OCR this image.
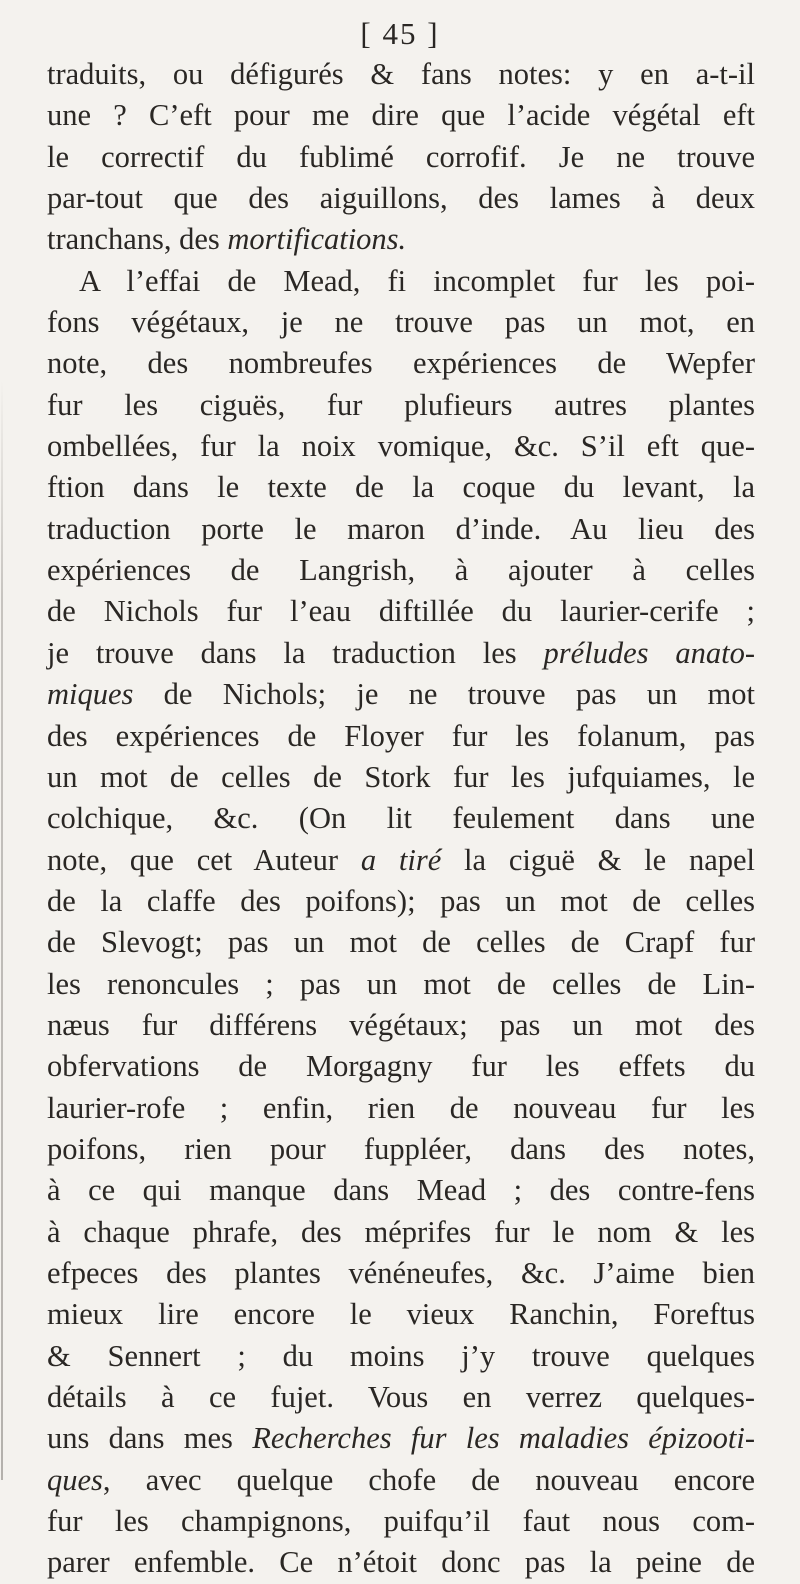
[ 45 ]
traduits, ou défigurés & fans notes: y en a-t-il
une ? C’eft pour me dire que l’acide végétal eft
le correctif du fublimé corrofif. Je ne trouve
par-tout que des aiguillons, des lames à deux
tranchans, des mortifications.
A l’effai de Mead, fi incomplet fur les poi-
fons végétaux, je ne trouve pas un mot, en
note, des nombreufes expériences de Wepfer
fur les ciguës, fur plufieurs autres plantes
ombellées, fur la noix vomique, &c. S’il eft que-
ftion dans le texte de la coque du levant, la
traduction porte le maron d’inde. Au lieu des
expériences de Langrish, à ajouter à celles
de Nichols fur l’eau diftillée du laurier-cerife ;
je trouve dans la traduction les préludes anato-
miques de Nichols; je ne trouve pas un mot
des expériences de Floyer fur les folanum, pas
un mot de celles de Stork fur les jufquiames, le
colchique, &c. (On lit feulement dans une
note, que cet Auteur a tiré la ciguë & le napel
de la claffe des poifons); pas un mot de celles
de Slevogt; pas un mot de celles de Crapf fur
les renoncules ; pas un mot de celles de Lin-
næus fur différens végétaux; pas un mot des
obfervations de Morgagny fur les effets du
laurier-rofe ; enfin, rien de nouveau fur les
poifons, rien pour fuppléer, dans des notes,
à ce qui manque dans Mead ; des contre-fens
à chaque phrafe, des méprifes fur le nom & les
efpeces des plantes vénéneufes, &c. J’aime bien
mieux lire encore le vieux Ranchin, Foreftus
& Sennert ; du moins j’y trouve quelques
détails à ce fujet. Vous en verrez quelques-
uns dans mes Recherches fur les maladies épizooti-
ques, avec quelque chofe de nouveau encore
fur les champignons, puifqu’il faut nous com-
parer enfemble. Ce n’étoit donc pas la peine de
